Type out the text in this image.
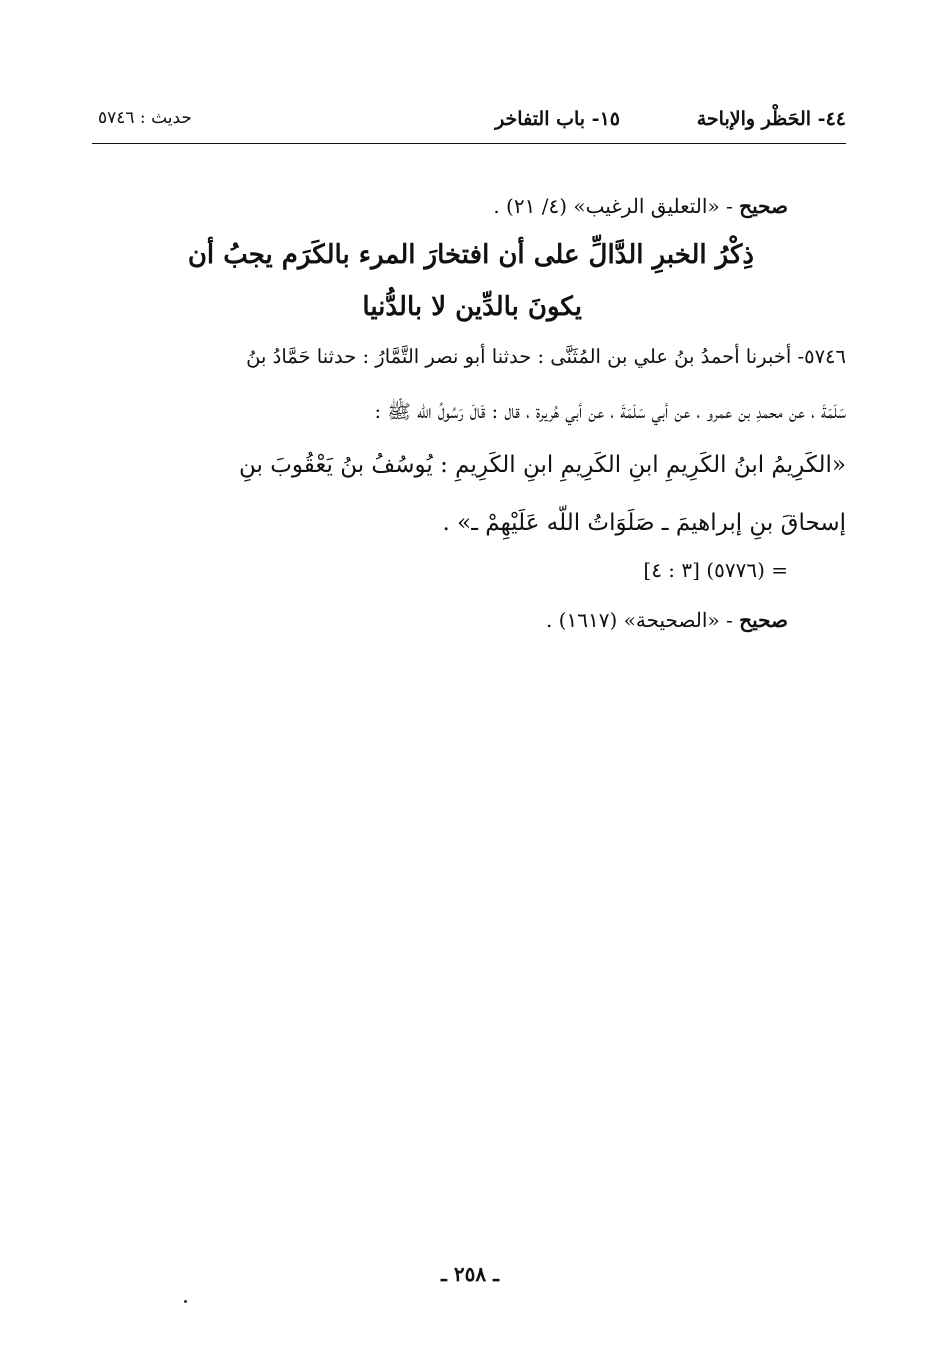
٤٤- الحَظْر والإباحة
١٥- باب التفاخر
حديث : ٥٧٤٦
صحيح - «التعليق الرغيب» (٤/ ٢١) .
ذِكْرُ الخبرِ الدَّالِّ على أن افتخارَ المرء بالكَرَم يجبُ أن
يكونَ بالدِّين لا بالدُّنيا
٥٧٤٦- أخبرنا أحمدُ بنُ علي بن المُثَنَّى : حدثنا أبو نصر التَّمَّارُ : حدثنا حَمَّادُ بنُ
سَلَمَةَ ، عن محمدِ بن عمرو ، عن أبي سَلَمَةَ ، عن أبي هُريرة ، قال : قَالَ رَسُولُ اللّه ﷺ :
«الكَرِيمُ ابنُ الكَرِيمِ ابنِ الكَرِيمِ ابنِ الكَرِيمِ : يُوسُفُ بنُ يَعْقُوبَ بنِ
إسحاقَ بنِ إبراهيمَ ـ صَلَوَاتُ اللّه عَلَيْهِمْ ـ» .
= (٥٧٧٦) [٣ : ٤]
صحيح - «الصحيحة» (١٦١٧) .
ـ ٢٥٨ ـ
